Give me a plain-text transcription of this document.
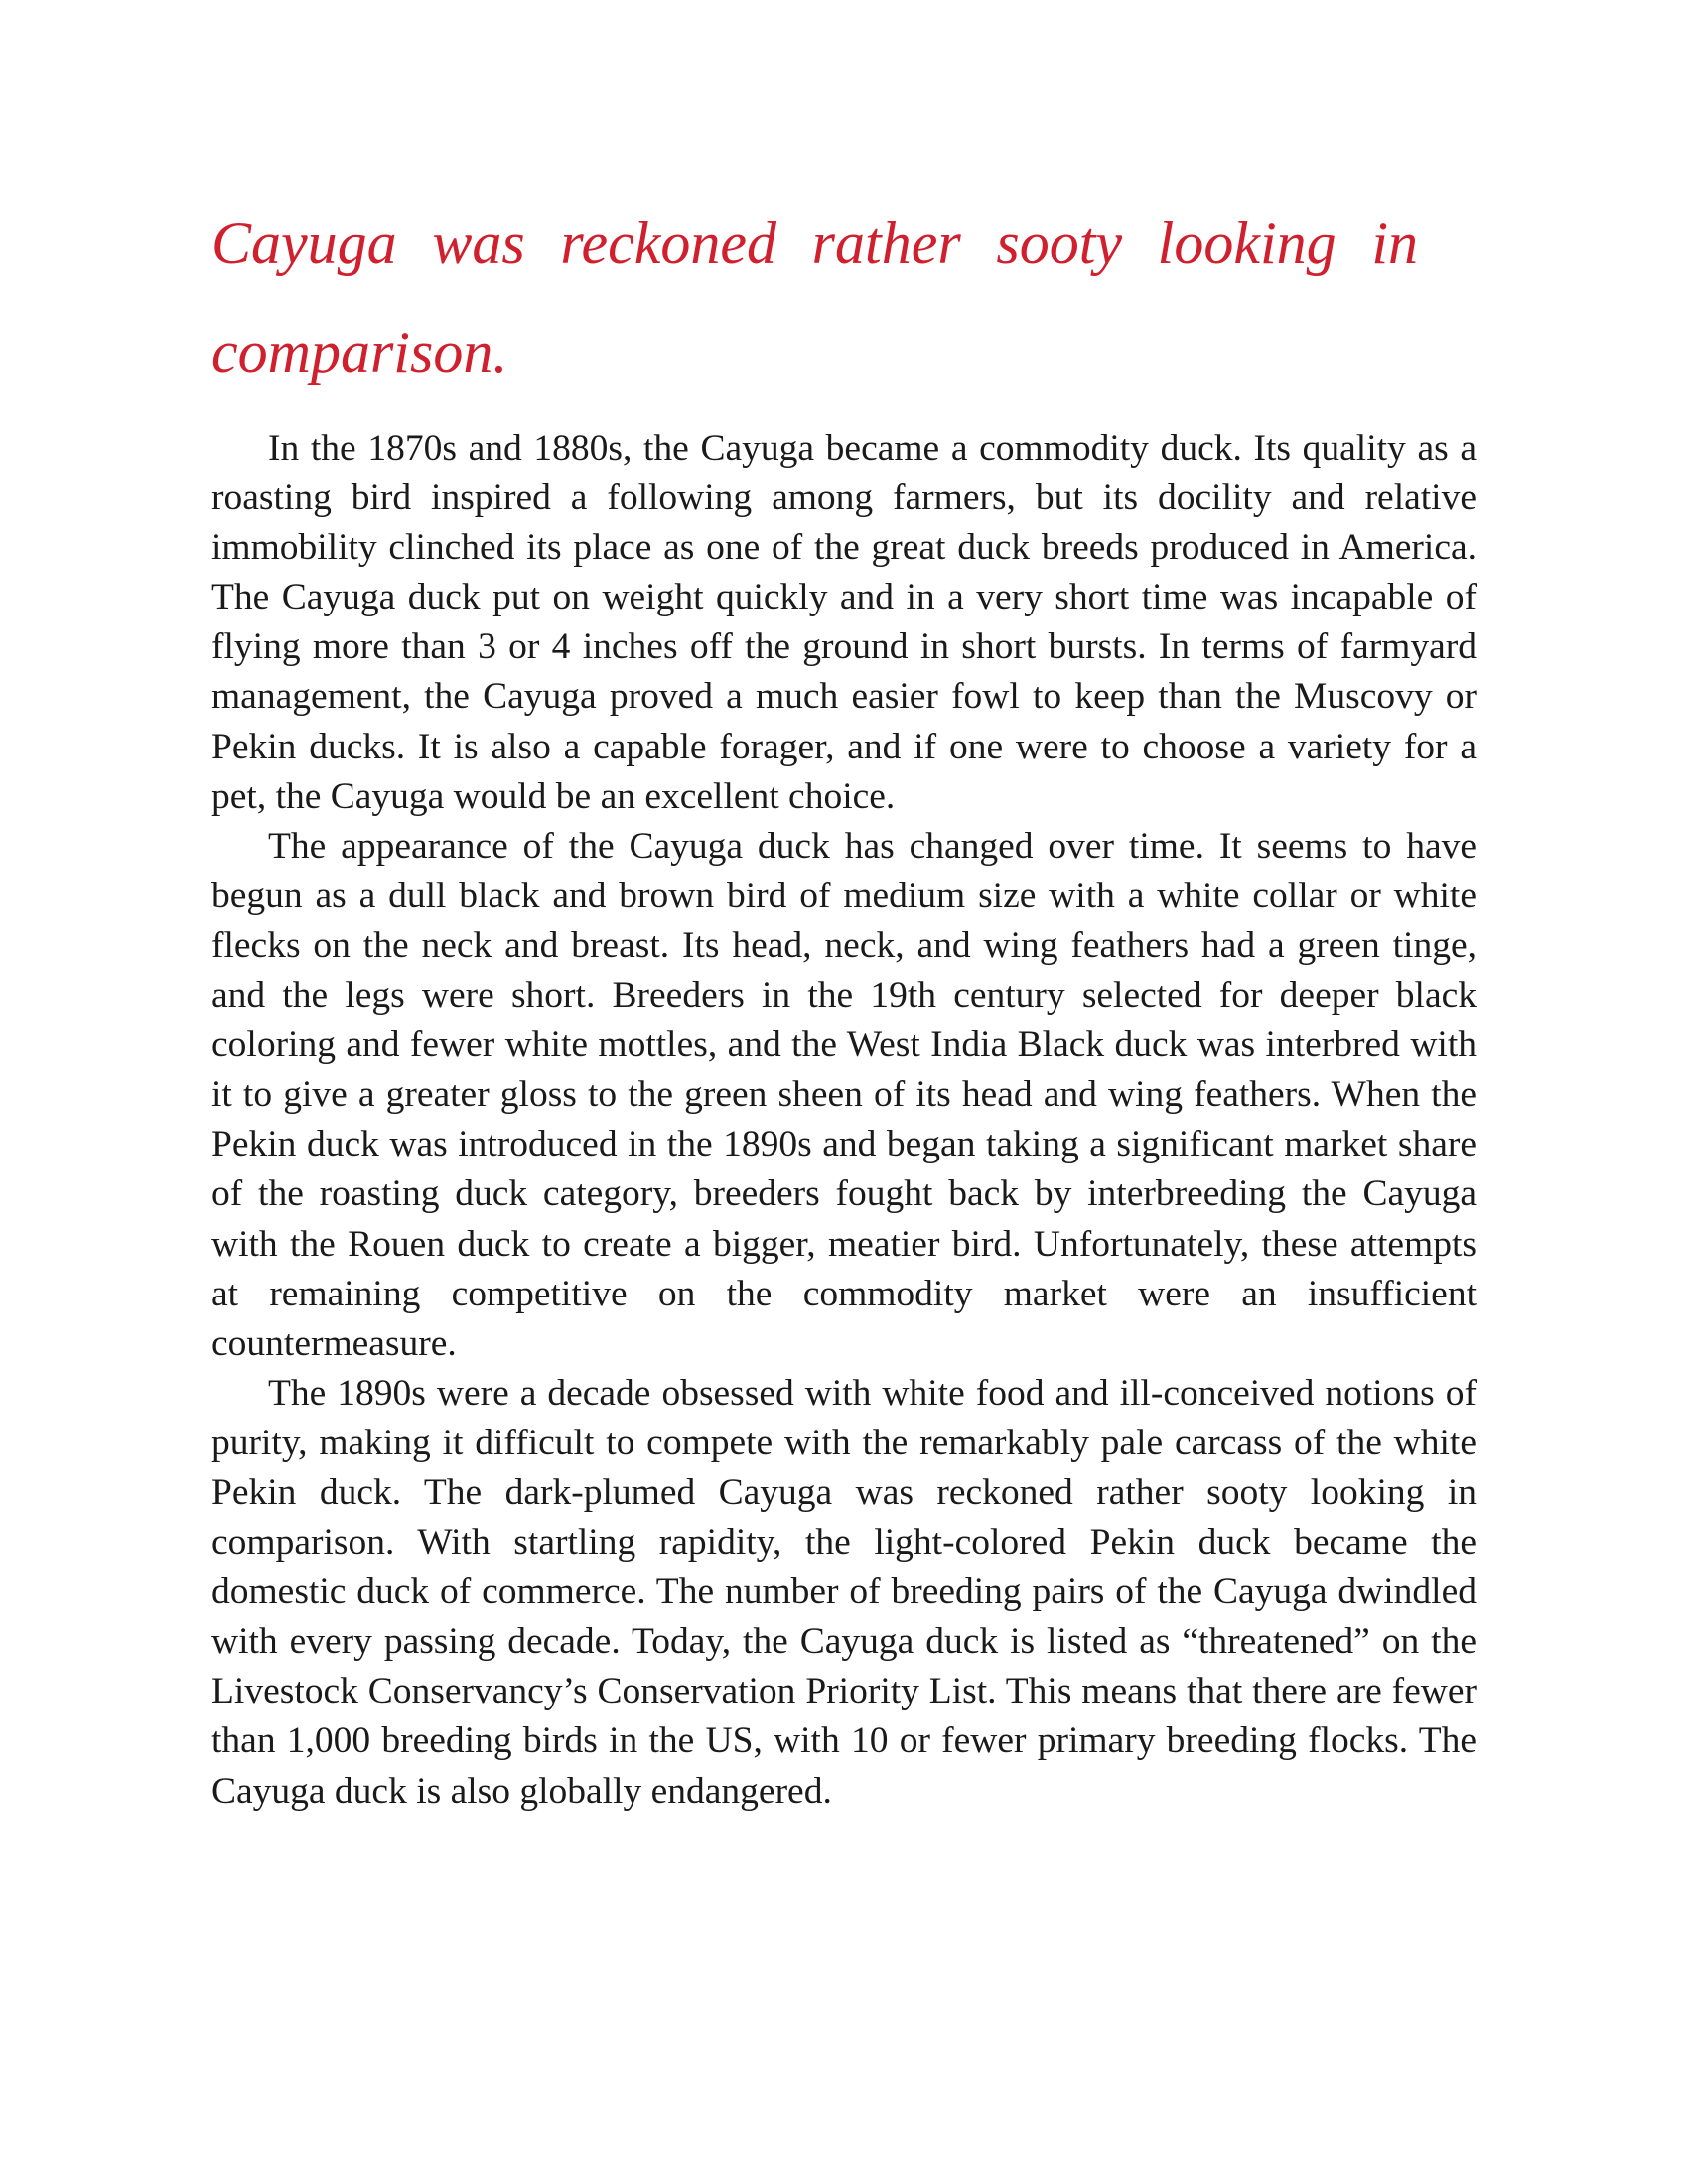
Cayuga was reckoned rather sooty looking in comparison.

In the 1870s and 1880s, the Cayuga became a commodity duck. Its quality as a roasting bird inspired a following among farmers, but its docility and relative immobility clinched its place as one of the great duck breeds produced in America. The Cayuga duck put on weight quickly and in a very short time was incapable of flying more than 3 or 4 inches off the ground in short bursts. In terms of farmyard management, the Cayuga proved a much easier fowl to keep than the Muscovy or Pekin ducks. It is also a capable forager, and if one were to choose a variety for a pet, the Cayuga would be an excellent choice.

The appearance of the Cayuga duck has changed over time. It seems to have begun as a dull black and brown bird of medium size with a white collar or white flecks on the neck and breast. Its head, neck, and wing feathers had a green tinge, and the legs were short. Breeders in the 19th century selected for deeper black coloring and fewer white mottles, and the West India Black duck was interbred with it to give a greater gloss to the green sheen of its head and wing feathers. When the Pekin duck was introduced in the 1890s and began taking a significant market share of the roasting duck category, breeders fought back by interbreeding the Cayuga with the Rouen duck to create a bigger, meatier bird. Unfortunately, these attempts at remaining competitive on the commodity market were an insufficient countermeasure.

The 1890s were a decade obsessed with white food and ill-conceived notions of purity, making it difficult to compete with the remarkably pale carcass of the white Pekin duck. The dark-plumed Cayuga was reckoned rather sooty looking in comparison. With startling rapidity, the light-colored Pekin duck became the domestic duck of commerce. The number of breeding pairs of the Cayuga dwindled with every passing decade. Today, the Cayuga duck is listed as “threatened” on the Livestock Conservancy’s Conservation Priority List. This means that there are fewer than 1,000 breeding birds in the US, with 10 or fewer primary breeding flocks. The Cayuga duck is also globally endangered.
